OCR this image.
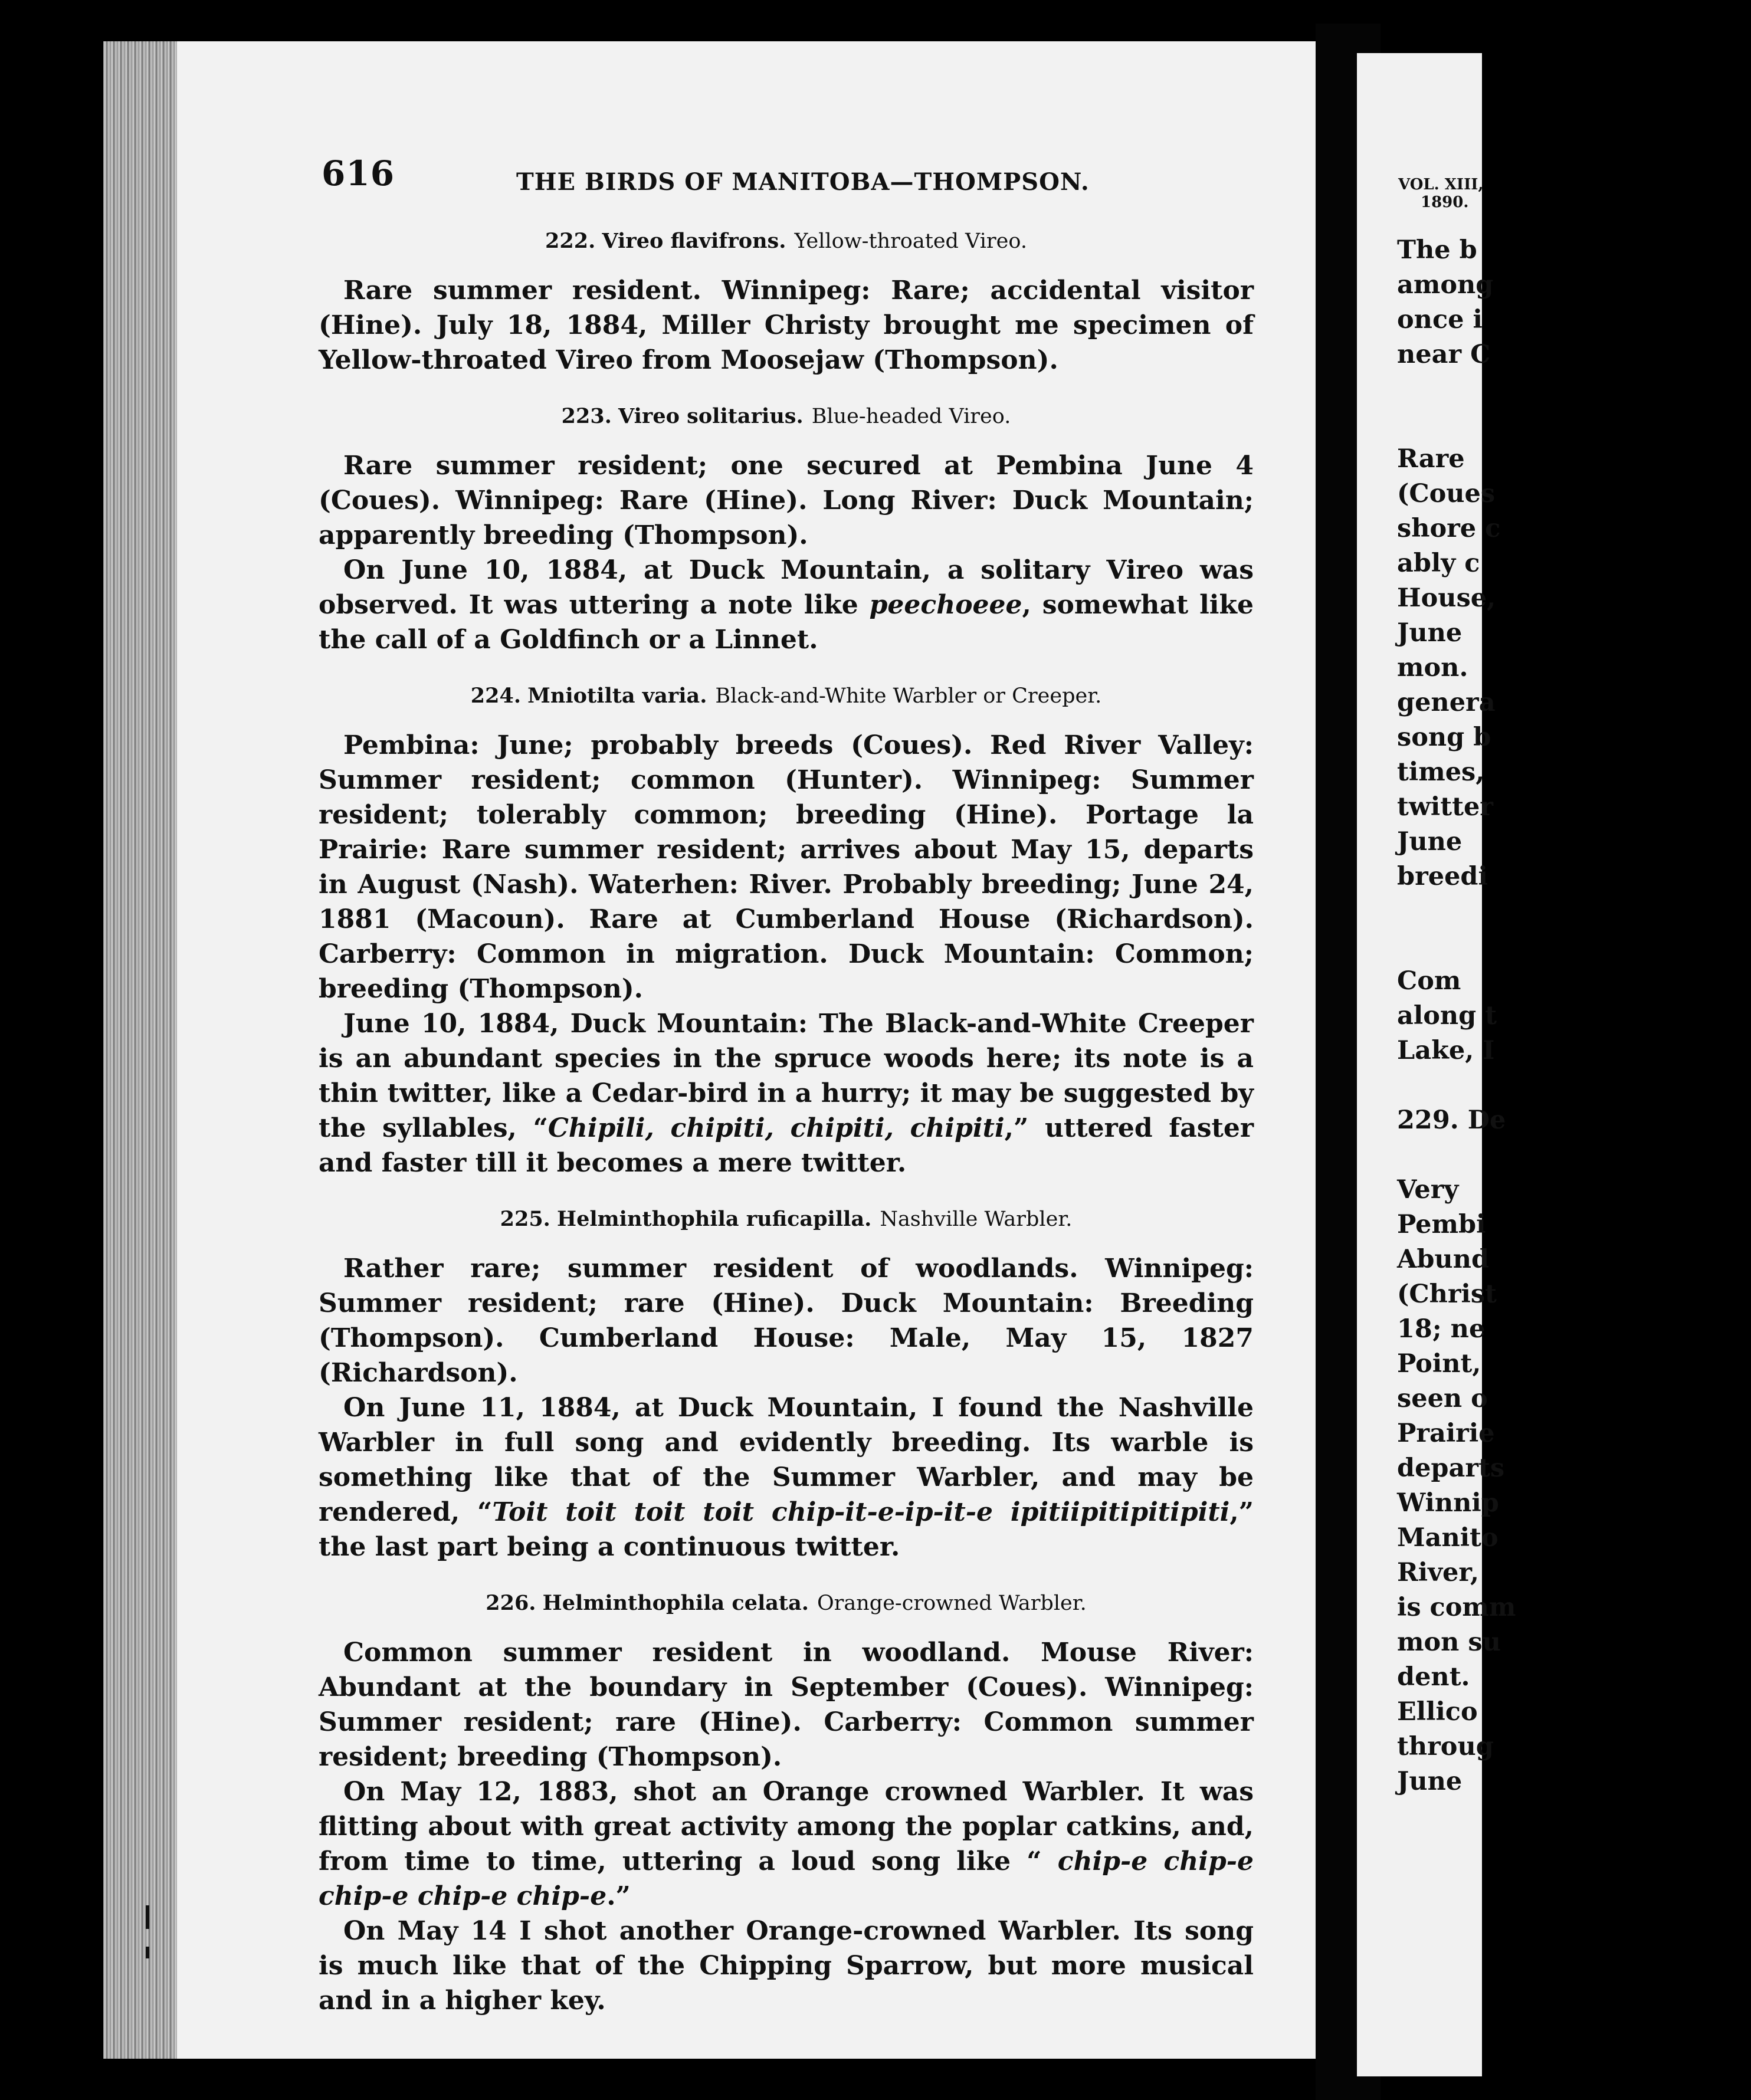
616	THE BIRDS OF MANITOBA—THOMPSON.
222. Vireo flavifrons. Yellow-throated Vireo.

Rare summer resident. Winnipeg: Rare; accidental visitor (Hine). July 18, 1884, Miller Christy brought me specimen of Yellow-throated Vireo from Moosejaw (Thompson).

223. Vireo solitarius. Blue-headed Vireo.

Rare summer resident; one secured at Pembina June 4 (Coues). Winnipeg: Rare (Hine). Long River: Duck Mountain; apparently breeding (Thompson).

On June 10, 1884, at Duck Mountain, a solitary Vireo was observed. It was uttering a note like peechoeee, somewhat like the call of a Goldfinch or a Linnet.

224. Mniotilta varia. Black-and-White Warbler or Creeper.

Pembina: June; probably breeds (Coues). Red River Valley: Summer resident; common (Hunter). Winnipeg: Summer resident; tolerably common; breeding (Hine). Portage la Prairie: Rare summer resident; arrives about May 15, departs in August (Nash). Waterhen: River. Probably breeding; June 24, 1881 (Macoun). Rare at Cumberland House (Richardson). Carberry: Common in migration. Duck Mountain: Common; breeding (Thompson).

June 10, 1884, Duck Mountain: The Black-and-White Creeper is an abundant species in the spruce woods here; its note is a thin twitter, like a Cedar-bird in a hurry; it may be suggested by the syllables, “Chipili, chipiti, chipiti, chipiti,” uttered faster and faster till it becomes a mere twitter.

225. Helminthophila ruficapilla. Nashville Warbler.

Rather rare; summer resident of woodlands. Winnipeg: Summer resident; rare (Hine). Duck Mountain: Breeding (Thompson). Cumberland House: Male, May 15, 1827 (Richardson).

On June 11, 1884, at Duck Mountain, I found the Nashville Warbler in full song and evidently breeding. Its warble is something like that of the Summer Warbler, and may be rendered, “Toit toit toit toit chip-it-e-ip-it-e ipitiipitipitipiti,” the last part being a continuous twitter.

226. Helminthophila celata. Orange-crowned Warbler.

Common summer resident in woodland. Mouse River: Abundant at the boundary in September (Coues). Winnipeg: Summer resident; rare (Hine). Carberry: Common summer resident; breeding (Thompson).

On May 12, 1883, shot an Orange crowned Warbler. It was flitting about with great activity among the poplar catkins, and, from time to time, uttering a loud song like “ chip-e chip-e chip-e chip-e chip-e.”

On May 14 I shot another Orange-crowned Warbler. Its song is much like that of the Chipping Sparrow, but more musical and in a higher key.

VOL. XIII,
1890.
The b
among
once i
near C
Rare
(Coues
shore c
ably c
House,
June
mon.
genera
song b
times,
twitter
June
breedi
Com
along t
Lake, I
229. De
Very
Pembi
Abund
(Christ
18; ne
Point,
seen o
Prairie
departs
Winnip
Manito
River,
is comm
mon su
dent.
Ellico
throug
June
